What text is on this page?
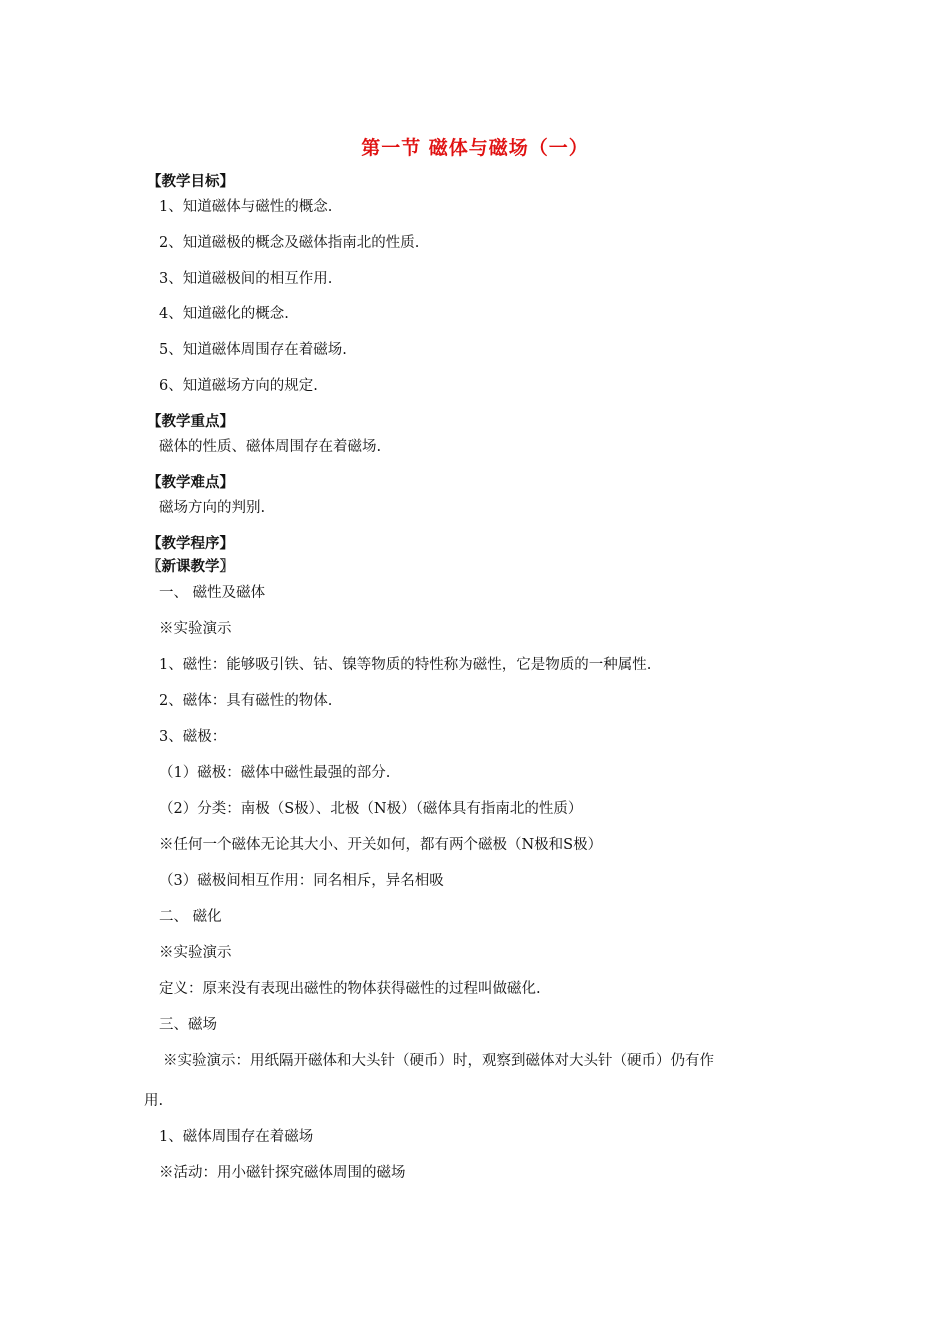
第一节 磁体与磁场（一）
【教学目标】
1、知道磁体与磁性的概念.
2、知道磁极的概念及磁体指南北的性质.
3、知道磁极间的相互作用.
4、知道磁化的概念.
5、知道磁体周围存在着磁场.
6、知道磁场方向的规定.
【教学重点】
磁体的性质、磁体周围存在着磁场.
【教学难点】
磁场方向的判别.
【教学程序】
〖新课教学〗
一、 磁性及磁体
※实验演示
1、磁性：能够吸引铁、钴、镍等物质的特性称为磁性，它是物质的一种属性.
2、磁体：具有磁性的物体.
3、磁极：
（1）磁极：磁体中磁性最强的部分.
（2）分类：南极（S极）、北极（N极）（磁体具有指南北的性质）
※任何一个磁体无论其大小、开关如何，都有两个磁极（N极和S极）
（3）磁极间相互作用：同名相斥，异名相吸
二、 磁化
※实验演示
定义：原来没有表现出磁性的物体获得磁性的过程叫做磁化.
三、磁场
※实验演示：用纸隔开磁体和大头针（硬币）时，观察到磁体对大头针（硬币）仍有作
用.
1、磁体周围存在着磁场
※活动：用小磁针探究磁体周围的磁场
